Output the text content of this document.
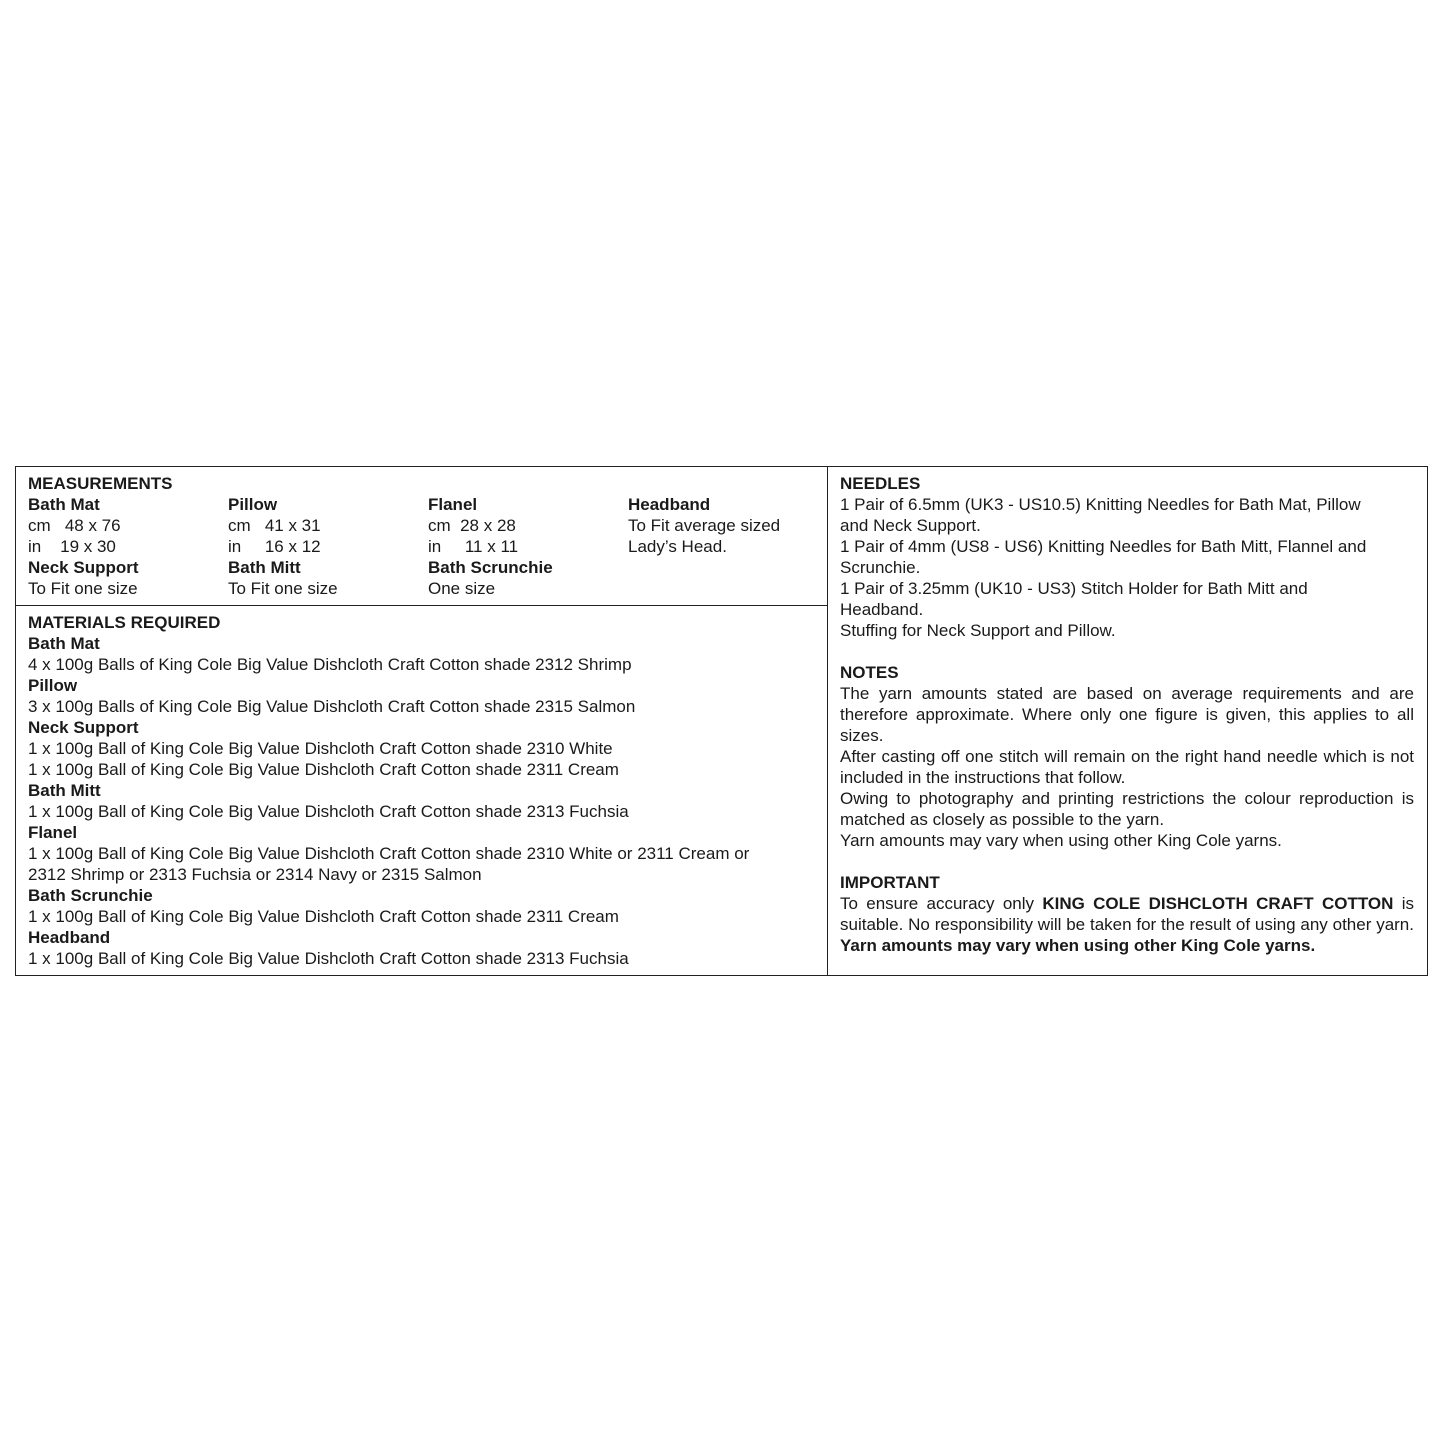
MEASUREMENTS
Bath Mat	Pillow	Flanel	Headband
cm   48 x 76	cm   41 x 31	cm  28 x 28	To Fit average sized
in    19 x 30	in     16 x 12	in     11 x 11	Lady’s Head.
Neck Support	Bath Mitt	Bath Scrunchie
To Fit one size	To Fit one size	One size
MATERIALS REQUIRED
Bath Mat
4 x 100g Balls of King Cole Big Value Dishcloth Craft Cotton shade 2312 Shrimp
Pillow
3 x 100g Balls of King Cole Big Value Dishcloth Craft Cotton shade 2315 Salmon
Neck Support
1 x 100g Ball of King Cole Big Value Dishcloth Craft Cotton shade 2310 White
1 x 100g Ball of King Cole Big Value Dishcloth Craft Cotton shade 2311 Cream
Bath Mitt
1 x 100g Ball of King Cole Big Value Dishcloth Craft Cotton shade 2313 Fuchsia
Flanel
1 x 100g Ball of King Cole Big Value Dishcloth Craft Cotton shade 2310 White or 2311 Cream or
2312 Shrimp or 2313 Fuchsia or 2314 Navy or 2315 Salmon
Bath Scrunchie
1 x 100g Ball of King Cole Big Value Dishcloth Craft Cotton shade 2311 Cream
Headband
1 x 100g Ball of King Cole Big Value Dishcloth Craft Cotton shade 2313 Fuchsia
NEEDLES
1 Pair of 6.5mm (UK3 - US10.5) Knitting Needles for Bath Mat, Pillow
and Neck Support.
1 Pair of 4mm (US8 - US6) Knitting Needles for Bath Mitt, Flannel and
Scrunchie.
1 Pair of 3.25mm (UK10 - US3) Stitch Holder for Bath Mitt and
Headband.
Stuffing for Neck Support and Pillow.
NOTES
The yarn amounts stated are based on average requirements and are therefore approximate. Where only one figure is given, this applies to all sizes.
After casting off one stitch will remain on the right hand needle which is not included in the instructions that follow.
Owing to photography and printing restrictions the colour reproduction is matched as closely as possible to the yarn.
Yarn amounts may vary when using other King Cole yarns.
IMPORTANT
To ensure accuracy only KING COLE DISHCLOTH CRAFT COTTON is suitable. No responsibility will be taken for the result of using any other yarn. Yarn amounts may vary when using other King Cole yarns.
